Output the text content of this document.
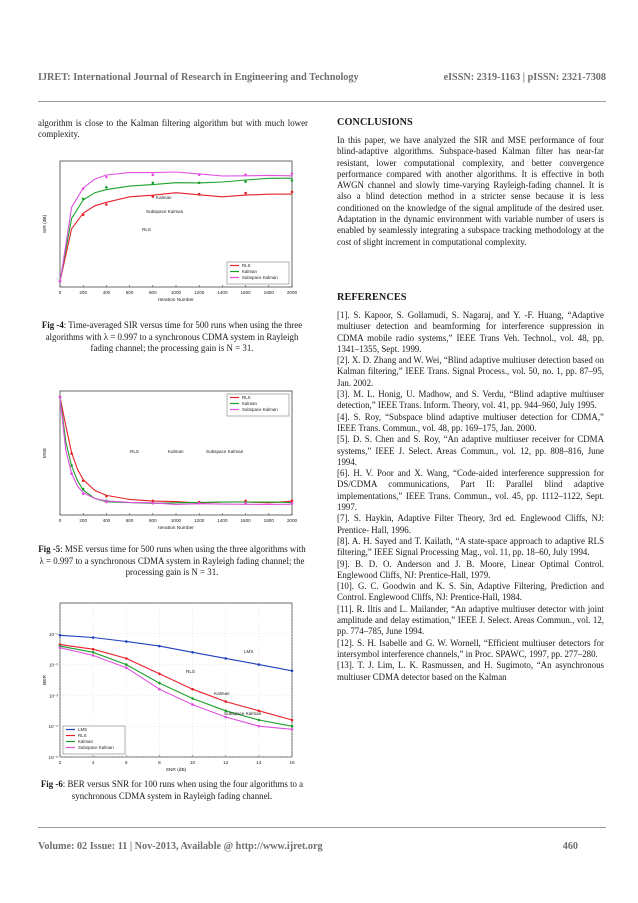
IJRET: International Journal of Research in Engineering and Technology	eISSN: 2319-1163 | pISSN: 2321-7308
algorithm is close to the Kalman filtering algorithm but with much lower complexity.
0	200	400	600	800	1000	1200	1400	1600	1800	2000
Iteration Number
SIR (dB)
RLS
Kalman
Subspace Kalman
Subspace Kalman
Kalman
RLS
Fig -4: Time-averaged SIR versus time for 500 runs when using the three algorithms with λ = 0.997 to a synchronous CDMA system in Rayleigh fading channel; the processing gain is N = 31.
0	200	400	600	800	1000	1200	1400	1600	1800	2000
Iteration Number
MSE
RLS
Kalman
Subspace Kalman
RLS	Kalman	Subspace Kalman
Fig -5: MSE versus time for 500 runs when using the three algorithms with λ = 0.997 to a synchronous CDMA system in Rayleigh fading channel; the processing gain is N = 31.
2	4	6	8	10	12	14	16
SNR (dB)
BER
10⁻¹
10⁻²
10⁻³
10⁻⁴
10⁻⁵
LMS
RLS
Kalman
Subspace Kalman
LMS
RLS
Kalman
Subspace Kalman
Fig -6: BER versus SNR for 100 runs when using the four algorithms to a synchronous CDMA system in Rayleigh fading channel.
CONCLUSIONS
In this paper, we have analyzed the SIR and MSE performance of four blind-adaptive algorithms. Subspace-based Kalman filter has near-far resistant, lower computational complexity, and better convergence performance compared with another algorithms. It is effective in both AWGN channel and slowly time-varying Rayleigh-fading channel. It is also a blind detection method in a stricter sense because it is less conditioned on the knowledge of the signal amplitude of the desired user. Adaptation in the dynamic environment with variable number of users is enabled by seamlessly integrating a subspace tracking methodology at the cost of slight increment in computational complexity.
REFERENCES

[1]. S. Kapoor, S. Gollamudi, S. Nagaraj, and Y. -F. Huang, “Adaptive multiuser detection and beamforming for interference suppression in CDMA mobile radio systems,” IEEE Trans Veh. Technol., vol. 48, pp. 1341–1355, Sept. 1999.

[2]. X. D. Zhang and W. Wei, “Blind adaptive multiuser detection based on Kalman filtering,” IEEE Trans. Signal Process., vol. 50, no. 1, pp. 87–95, Jan. 2002.

[3]. M. L. Honig, U. Madhow, and S. Verdu, “Blind adaptive multiuser detection,” IEEE Trans. Inform. Theory, vol. 41, pp. 944–960, July 1995.

[4]. S. Roy, “Subspace blind adaptive multiuser detection for CDMA,” IEEE Trans. Commun., vol. 48, pp. 169–175, Jan. 2000.

[5]. D. S. Chen and S. Roy, “An adaptive multiuser receiver for CDMA systems,” IEEE J. Select. Areas Commun., vol. 12, pp. 808–816, June 1994.

[6]. H. V. Poor and X. Wang, “Code-aided interference suppression for DS/CDMA communications, Part II: Parallel blind adaptive implementations,” IEEE Trans. Commun., vol. 45, pp. 1112–1122, Sept. 1997.

[7]. S. Haykin, Adaptive Filter Theory, 3rd ed. Englewood Cliffs, NJ: Prentice- Hall, 1996.

[8]. A. H. Sayed and T. Kailath, “A state-space approach to adaptive RLS filtering,” IEEE Signal Processing Mag., vol. 11, pp. 18–60, July 1994.

[9]. B. D. O. Anderson and J. B. Moore, Linear Optimal Control. Englewood Cliffs, NJ: Prentice-Hall, 1979.

[10]. G. C. Goodwin and K. S. Sin, Adaptive Filtering, Prediction and Control. Englewood Cliffs, NJ: Prentice-Hall, 1984.

[11]. R. Iltis and L. Mailander, “An adaptive multiuser detector with joint amplitude and delay estimation,” IEEE J. Select. Areas Commun., vol. 12, pp. 774–785, June 1994.

[12]. S. H. Isabelle and G. W. Wornell, “Efficient multiuser detectors for intersymbol interference channels,” in Proc. SPAWC, 1997, pp. 277–280.

[13]. T. J. Lim, L. K. Rasmussen, and H. Sugimoto, “An asynchronous multiuser CDMA detector based on the Kalman

Volume: 02 Issue: 11 | Nov-2013, Available @ http://www.ijret.org	460
